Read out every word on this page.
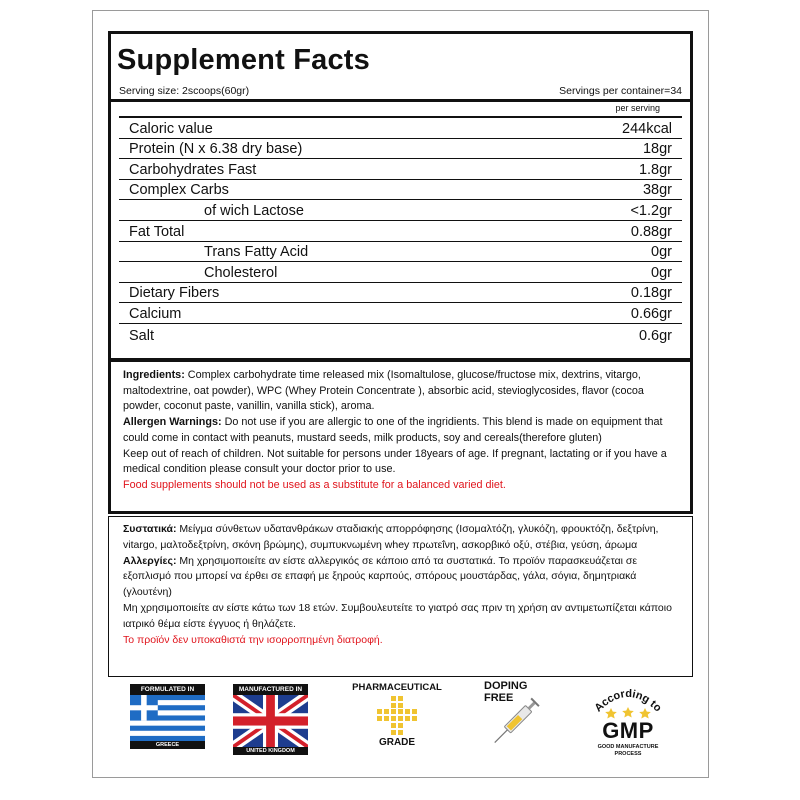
Supplement Facts
Serving size: 2scoops(60gr)	Servings per container=34
per serving
Caloric value	244kcal
Protein (N x 6.38 dry base)	18gr
Carbohydrates Fast	1.8gr
Complex Carbs	38gr
of wich Lactose	<1.2gr
Fat Total	0.88gr
Trans Fatty Acid	0gr
Cholesterol	0gr
Dietary Fibers	0.18gr
Calcium	0.66gr
Salt	0.6gr

Ingredients: Complex carbohydrate time released mix (Isomaltulose, glucose/fructose mix, dextrins, vitargo, maltodextrine, oat powder), WPC (Whey Protein Concentrate ), absorbic acid, stevioglycosides, flavor (cocoa powder, coconut paste, vanillin, vanilla stick), aroma.

Allergen Warnings: Do not use if you are allergic to one of the ingridients. This blend is made on equipment that could come in contact with peanuts, mustard seeds, milk products, soy and cereals(therefore gluten)

Keep out of reach of children. Not suitable for persons under 18years of age. If pregnant, lactating or if you have a medical condition please consult your doctor prior to use.

Food supplements should not be used as a substitute for a balanced varied diet.

Συστατικά: Μείγμα σύνθετων υδατανθράκων σταδιακής απορρόφησης (Ισομαλτόζη, γλυκόζη, φρουκτόζη, δεξτρίνη, vitargo, μαλτοδεξτρίνη, σκόνη βρώμης), συμπυκνωμένη whey πρωτεΐνη, ασκορβικό οξύ, στέβια, γεύση, άρωμα

Αλλεργίες: Μη χρησιμοποιείτε αν είστε αλλεργικός σε κάποιο από τα συστατικά. Το προϊόν παρασκευάζεται σε εξοπλισμό που μπορεί να έρθει σε επαφή με ξηρούς καρπούς, σπόρους μουστάρδας, γάλα, σόγια, δημητριακά (γλουτένη)

Μη χρησιμοποιείτε αν είστε κάτω των 18 ετών. Συμβουλευτείτε το γιατρό σας πριν τη χρήση αν αντιμετωπίζεται κάποιο ιατρικό θέμα είστε έγγυος ή θηλάζετε.

Το προϊόν δεν υποκαθιστά την ισορροπημένη διατροφή.

FORMULATED IN
GREECE
MANUFACTURED IN
UNITED KINGDOM
PHARMACEUTICAL
GRADE
DOPING
FREE
According to
GMP
GOOD MANUFACTURE
PROCESS
